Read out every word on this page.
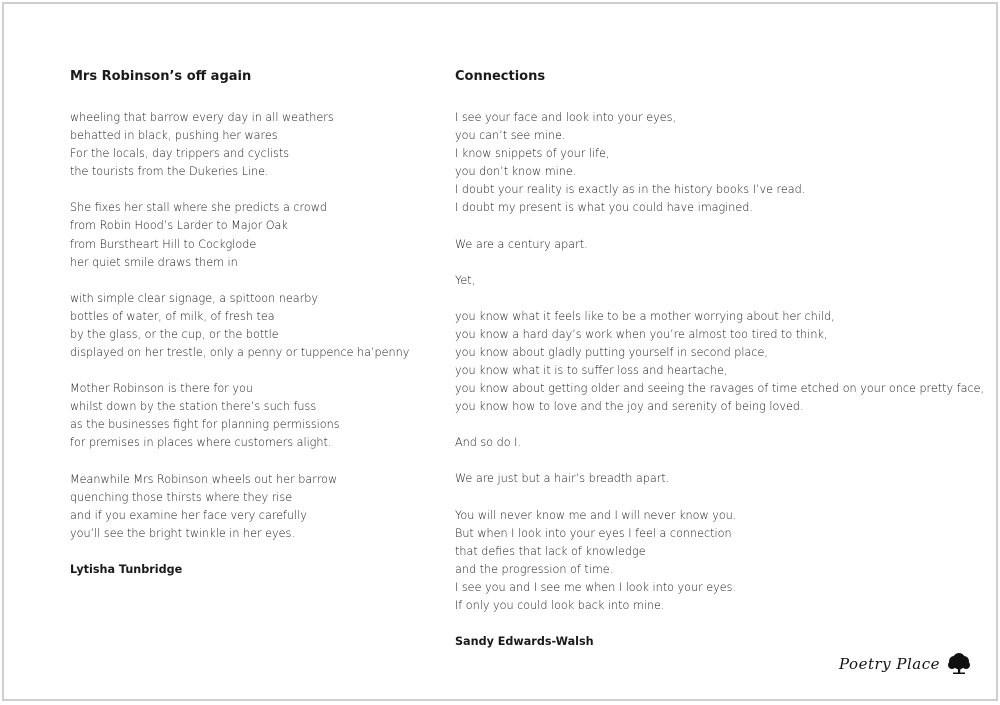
Mrs Robinson’s off again
wheeling that barrow every day in all weathers
behatted in black, pushing her wares
For the locals, day trippers and cyclists
the tourists from the Dukeries Line.
She fixes her stall where she predicts a crowd
from Robin Hood’s Larder to Major Oak
from Burstheart Hill to Cockglode
her quiet smile draws them in
with simple clear signage, a spittoon nearby
bottles of water, of milk, of fresh tea
by the glass, or the cup, or the bottle
displayed on her trestle, only a penny or tuppence ha’penny
Mother Robinson is there for you
whilst down by the station there’s such fuss
as the businesses fight for planning permissions
for premises in places where customers alight.
Meanwhile Mrs Robinson wheels out her barrow
quenching those thirsts where they rise
and if you examine her face very carefully
you’ll see the bright twinkle in her eyes.
Lytisha Tunbridge
Connections
I see your face and look into your eyes,
you can’t see mine.
I know snippets of your life,
you don’t know mine.
I doubt your reality is exactly as in the history books I’ve read.
I doubt my present is what you could have imagined.
We are a century apart.
Yet,
you know what it feels like to be a mother worrying about her child,
you know a hard day’s work when you’re almost too tired to think,
you know about gladly putting yourself in second place,
you know what it is to suffer loss and heartache,
you know about getting older and seeing the ravages of time etched on your once pretty face,
you know how to love and the joy and serenity of being loved.
And so do I.
We are just but a hair’s breadth apart.
You will never know me and I will never know you.
But when I look into your eyes I feel a connection
that defies that lack of knowledge
and the progression of time.
I see you and I see me when I look into your eyes.
If only you could look back into mine.
Sandy Edwards-Walsh
Poetry Place
